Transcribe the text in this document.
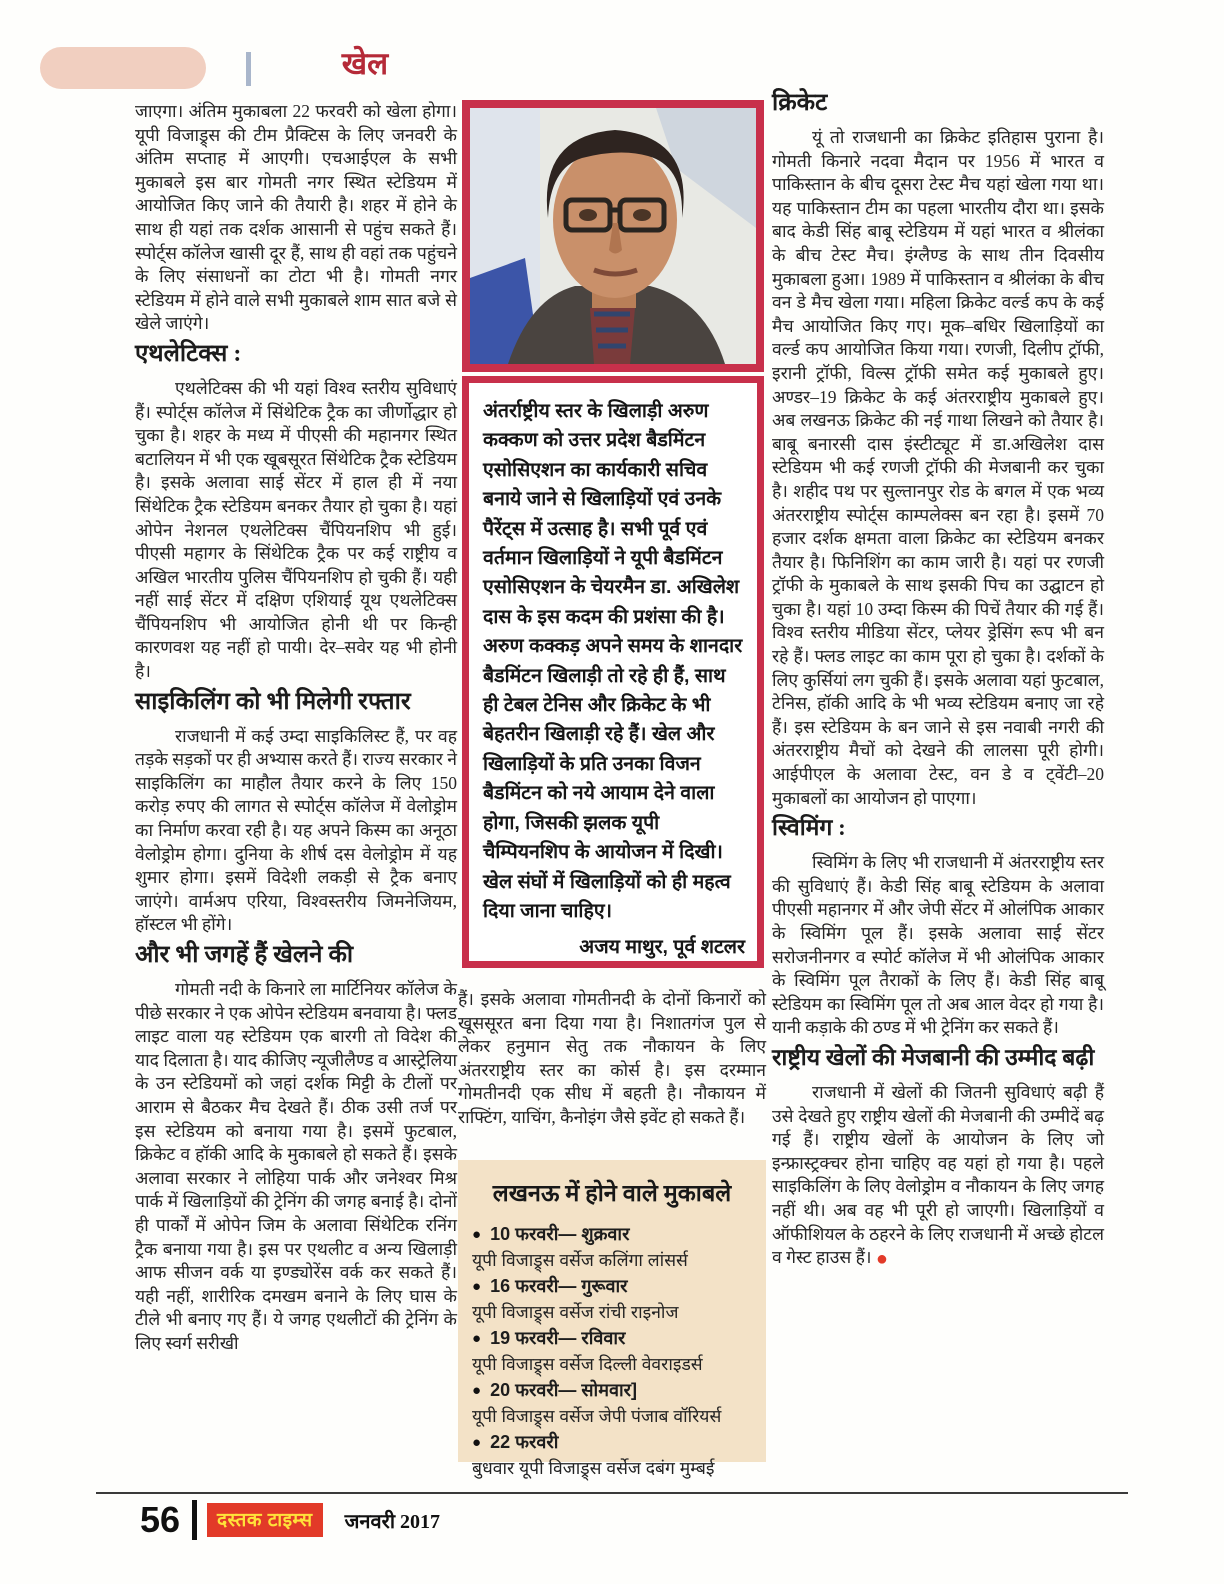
खेल

जाएगा। अंतिम मुकाबला 22 फरवरी को खेला होगा। यूपी विजाड्र्स की टीम प्रैक्टिस के लिए जनवरी के अंतिम सप्ताह में आएगी। एचआईएल के सभी मुकाबले इस बार गोमती नगर स्थित स्टेडियम में आयोजित किए जाने की तैयारी है। शहर में होने के साथ ही यहां तक दर्शक आसानी से पहुंच सकते हैं। स्पोर्ट्स कॉलेज खासी दूर हैं, साथ ही वहां तक पहुंचने के लिए संसाधनों का टोटा भी है। गोमती नगर स्टेडियम में होने वाले सभी मुकाबले शाम सात बजे से खेले जाएंगे।

एथलेटिक्स :

एथलेटिक्स की भी यहां विश्व स्तरीय सुविधाएं हैं। स्पोर्ट्स कॉलेज में सिंथेटिक ट्रैक का जीर्णोद्धार हो चुका है। शहर के मध्य में पीएसी की महानगर स्थित बटालियन में भी एक खूबसूरत सिंथेटिक ट्रैक स्टेडियम है। इसके अलावा साई सेंटर में हाल ही में नया सिंथेटिक ट्रैक स्टेडियम बनकर तैयार हो चुका है। यहां ओपेन नेशनल एथलेटिक्स चैंपियनशिप भी हुई। पीएसी महागर के सिंथेटिक ट्रैक पर कई राष्ट्रीय व अखिल भारतीय पुलिस चैंपियनशिप हो चुकी हैं। यही नहीं साई सेंटर में दक्षिण एशियाई यूथ एथलेटिक्स चैंपियनशिप भी आयोजित होनी थी पर किन्ही कारणवश यह नहीं हो पायी। देर–सवेर यह भी होनी है।

साइकिलिंग को भी मिलेगी रफ्तार

राजधानी में कई उम्दा साइकिलिस्ट हैं, पर वह तड़के सड़कों पर ही अभ्यास करते हैं। राज्य सरकार ने साइकिलिंग का माहौल तैयार करने के लिए 150 करोड़ रुपए की लागत से स्पोर्ट्स कॉलेज में वेलोड्रोम का निर्माण करवा रही है। यह अपने किस्म का अनूठा वेलोड्रोम होगा। दुनिया के शीर्ष दस वेलोड्रोम में यह शुमार होगा। इसमें विदेशी लकड़ी से ट्रैक बनाए जाएंगे। वार्मअप एरिया, विश्वस्तरीय जिमनेजियम, हॉस्टल भी होंगे।

और भी जगहें हैं खेलने की

गोमती नदी के किनारे ला मार्टिनियर कॉलेज के पीछे सरकार ने एक ओपेन स्टेडियम बनवाया है। फ्लड लाइट वाला यह स्टेडियम एक बारगी तो विदेश की याद दिलाता है। याद कीजिए न्यूजीलैण्ड व आस्ट्रेलिया के उन स्टेडियमों को जहां दर्शक मिट्टी के टीलों पर आराम से बैठकर मैच देखते हैं। ठीक उसी तर्ज पर इस स्टेडियम को बनाया गया है। इसमें फुटबाल, क्रिकेट व हॉकी आदि के मुकाबले हो सकते हैं। इसके अलावा सरकार ने लोहिया पार्क और जनेश्वर मिश्र पार्क में खिलाड़ियों की ट्रेनिंग की जगह बनाई है। दोनों ही पार्कों में ओपेन जिम के अलावा सिंथेटिक रनिंग ट्रैक बनाया गया है। इस पर एथलीट व अन्य खिलाड़ी आफ सीजन वर्क या इण्ड्योरेंस वर्क कर सकते हैं। यही नहीं, शारीरिक दमखम बनाने के लिए घास के टीले भी बनाए गए हैं। ये जगह एथलीटों की ट्रेनिंग के लिए स्वर्ग सरीखी

अंतर्राष्ट्रीय स्तर के खिलाड़ी अरुण कक्कण को उत्तर प्रदेश बैडमिंटन एसोसिएशन का कार्यकारी सचिव बनाये जाने से खिलाड़ियों एवं उनके पैरेंट्स में उत्साह है। सभी पूर्व एवं वर्तमान खिलाड़ियों ने यूपी बैडमिंटन एसोसिएशन के चेयरमैन डा. अखिलेश दास के इस कदम की प्रशंसा की है। अरुण कक्कड़ अपने समय के शानदार बैडमिंटन खिलाड़ी तो रहे ही हैं, साथ ही टेबल टेनिस और क्रिकेट के भी बेहतरीन खिलाड़ी रहे हैं। खेल और खिलाड़ियों के प्रति उनका विजन बैडमिंटन को नये आयाम देने वाला होगा, जिसकी झलक यूपी चैम्पियनशिप के आयोजन में दिखी। खेल संघों में खिलाड़ियों को ही महत्व दिया जाना चाहिए।
अजय माथुर, पूर्व शटलर
हैं। इसके अलावा गोमतीनदी के दोनों किनारों को खूससूरत बना दिया गया है। निशातगंज पुल से लेकर हनुमान सेतु तक नौकायन के लिए अंतरराष्ट्रीय स्तर का कोर्स है। इस दरम्मान गोमतीनदी एक सीध में बहती है। नौकायन में राफ्टिंग, याचिंग, कैनोइंग जैसे इवेंट हो सकते हैं।
लखनऊ में होने वाले मुकाबले
● 10 फरवरी— शुक्रवार
यूपी विजाड्र्स वर्सेज कलिंगा लांसर्स
● 16 फरवरी— गुरूवार
यूपी विजाड्र्स वर्सेज रांची राइनोज
● 19 फरवरी— रविवार
यूपी विजाड्र्स वर्सेज दिल्ली वेवराइडर्स
● 20 फरवरी— सोमवार]
यूपी विजाड्र्स वर्सेज जेपी पंजाब वॉरियर्स
● 22 फरवरी
बुधवार यूपी विजाड्र्स वर्सेज दबंग मुम्बई
क्रिकेट

यूं तो राजधानी का क्रिकेट इतिहास पुराना है। गोमती किनारे नदवा मैदान पर 1956 में भारत व पाकिस्तान के बीच दूसरा टेस्ट मैच यहां खेला गया था। यह पाकिस्तान टीम का पहला भारतीय दौरा था। इसके बाद केडी सिंह बाबू स्टेडियम में यहां भारत व श्रीलंका के बीच टेस्ट मैच। इंग्लैण्ड के साथ तीन दिवसीय मुकाबला हुआ। 1989 में पाकिस्तान व श्रीलंका के बीच वन डे मैच खेला गया। महिला क्रिकेट वर्ल्ड कप के कई मैच आयोजित किए गए। मूक–बधिर खिलाड़ियों का वर्ल्ड कप आयोजित किया गया। रणजी, दिलीप ट्रॉफी, इरानी ट्रॉफी, विल्स ट्रॉफी समेत कई मुकाबले हुए। अण्डर–19 क्रिकेट के कई अंतरराष्ट्रीय मुकाबले हुए। अब लखनऊ क्रिकेट की नई गाथा लिखने को तैयार है। बाबू बनारसी दास इंस्टीट्यूट में डा.अखिलेश दास स्टेडियम भी कई रणजी ट्रॉफी की मेजबानी कर चुका है। शहीद पथ पर सुल्तानपुर रोड के बगल में एक भव्य अंतरराष्ट्रीय स्पोर्ट्स काम्पलेक्स बन रहा है। इसमें 70 हजार दर्शक क्षमता वाला क्रिकेट का स्टेडियम बनकर तैयार है। फिनिशिंग का काम जारी है। यहां पर रणजी ट्रॉफी के मुकाबले के साथ इसकी पिच का उद्घाटन हो चुका है। यहां 10 उम्दा किस्म की पिचें तैयार की गई हैं। विश्व स्तरीय मीडिया सेंटर, प्लेयर ड्रेसिंग रूप भी बन रहे हैं। फ्लड लाइट का काम पूरा हो चुका है। दर्शकों के लिए कुर्सियां लग चुकी हैं। इसके अलावा यहां फुटबाल, टेनिस, हॉकी आदि के भी भव्य स्टेडियम बनाए जा रहे हैं। इस स्टेडियम के बन जाने से इस नवाबी नगरी की अंतरराष्ट्रीय मैचों को देखने की लालसा पूरी होगी। आईपीएल के अलावा टेस्ट, वन डे व ट्वेंटी–20 मुकाबलों का आयोजन हो पाएगा।

स्विमिंग :

स्विमिंग के लिए भी राजधानी में अंतरराष्ट्रीय स्तर की सुविधाएं हैं। केडी सिंह बाबू स्टेडियम के अलावा पीएसी महानगर में और जेपी सेंटर में ओलंपिक आकार के स्विमिंग पूल हैं। इसके अलावा साई सेंटर सरोजनीनगर व स्पोर्ट कॉलेज में भी ओलंपिक आकार के स्विमिंग पूल तैराकों के लिए हैं। केडी सिंह बाबू स्टेडियम का स्विमिंग पूल तो अब आल वेदर हो गया है। यानी कड़ाके की ठण्ड में भी ट्रेनिंग कर सकते हैं।

राष्ट्रीय खेलों की मेजबानी की उम्मीद बढ़ी

राजधानी में खेलों की जितनी सुविधाएं बढ़ी हैं उसे देखते हुए राष्ट्रीय खेलों की मेजबानी की उम्मीदें बढ़ गई हैं। राष्ट्रीय खेलों के आयोजन के लिए जो इन्फ्रास्ट्रक्चर होना चाहिए वह यहां हो गया है। पहले साइकिलिंग के लिए वेलोड्रोम व नौकायन के लिए जगह नहीं थी। अब वह भी पूरी हो जाएगी। खिलाड़ियों व ऑफीशियल के ठहरने के लिए राजधानी में अच्छे होटल व गेस्ट हाउस हैं। ●

56	दस्तक टाइम्स	जनवरी 2017
